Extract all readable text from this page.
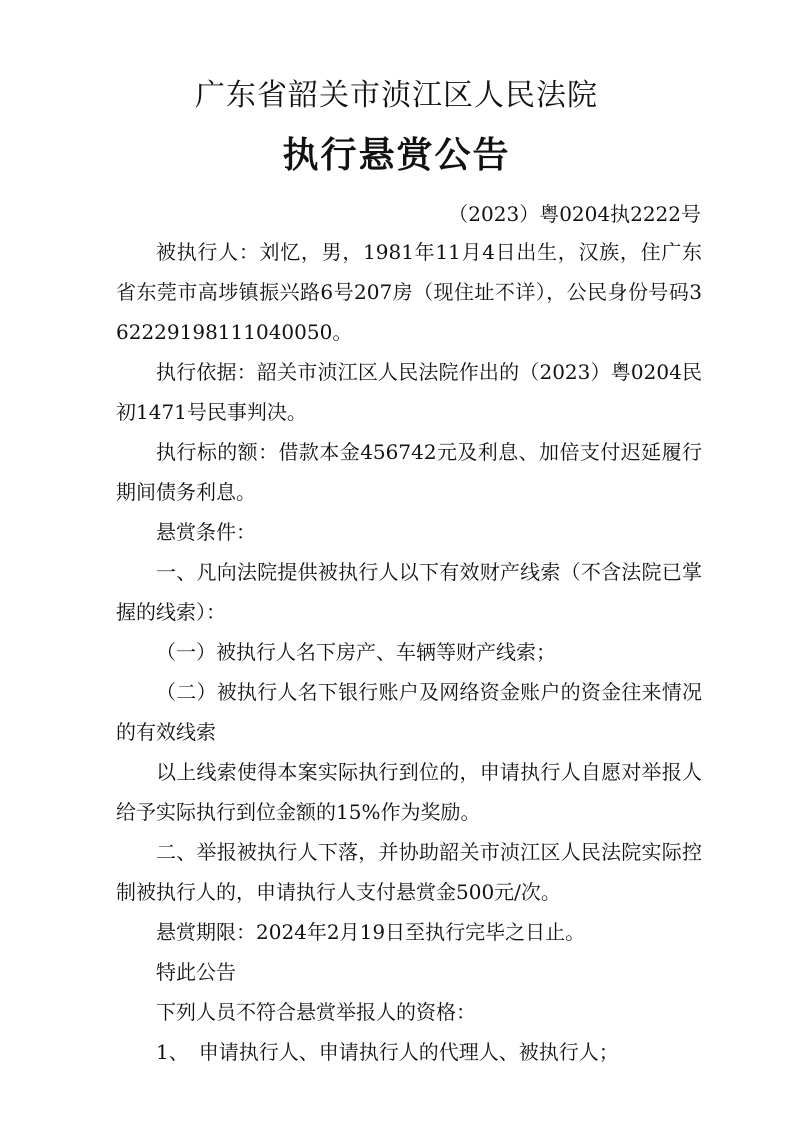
广东省韶关市浈江区人民法院
执行悬赏公告
（2023）粤0204执2222号

被执行人：刘忆，男，1981年11月4日出生，汉族，住广东省东莞市高埗镇振兴路6号207房（现住址不详），公民身份号码362229198111040050。

执行依据：韶关市浈江区人民法院作出的（2023）粤0204民初1471号民事判决。

执行标的额：借款本金456742元及利息、加倍支付迟延履行期间债务利息。

悬赏条件：

一、凡向法院提供被执行人以下有效财产线索（不含法院已掌握的线索）：

（一）被执行人名下房产、车辆等财产线索；

（二）被执行人名下银行账户及网络资金账户的资金往来情况的有效线索

以上线索使得本案实际执行到位的，申请执行人自愿对举报人给予实际执行到位金额的15%作为奖励。

二、举报被执行人下落，并协助韶关市浈江区人民法院实际控制被执行人的，申请执行人支付悬赏金500元/次。

悬赏期限：2024年2月19日至执行完毕之日止。

特此公告

下列人员不符合悬赏举报人的资格：

1、　申请执行人、申请执行人的代理人、被执行人；
